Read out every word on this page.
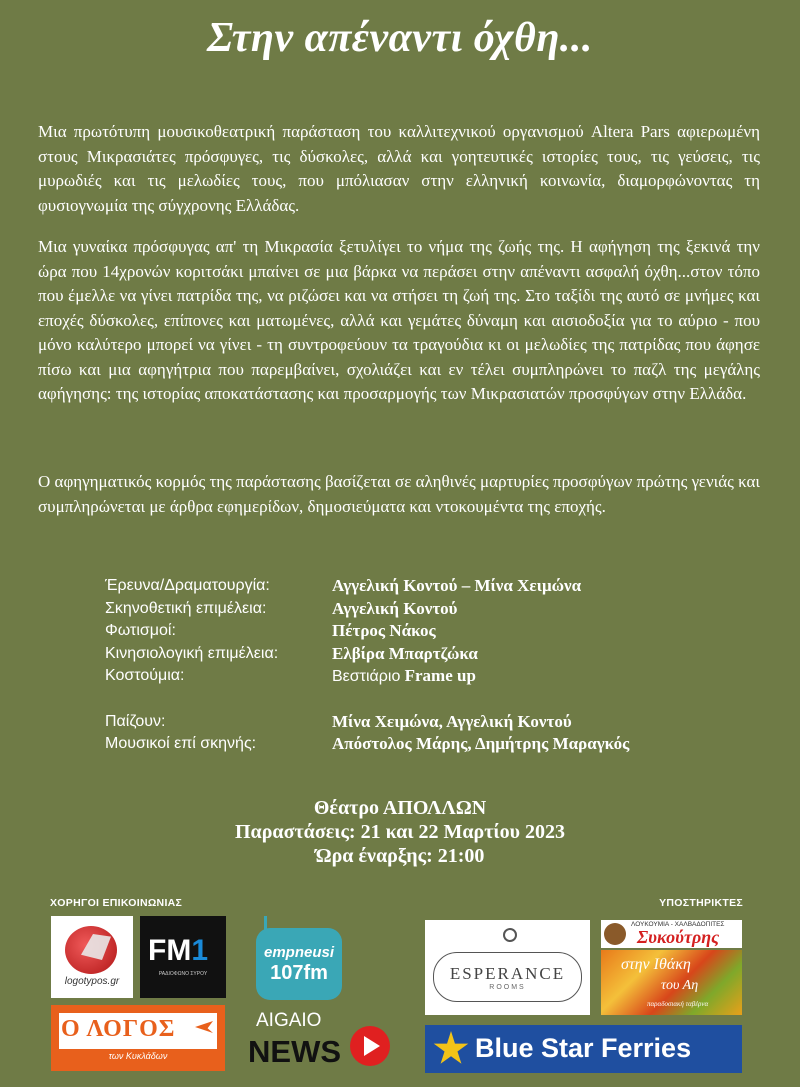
Στην απέναντι όχθη...
Μια πρωτότυπη μουσικοθεατρική παράσταση του καλλιτεχνικού οργανισμού Altera Pars αφιερωμένη στους Μικρασιάτες πρόσφυγες, τις δύσκολες, αλλά και γοητευτικές ιστορίες τους, τις γεύσεις, τις μυρωδιές και τις μελωδίες τους, που μπόλιασαν στην ελληνική κοινωνία, διαμορφώνοντας τη φυσιογνωμία της σύγχρονης Ελλάδας.
Μια γυναίκα πρόσφυγας απ' τη Μικρασία ξετυλίγει το νήμα της ζωής της. Η αφήγηση της ξεκινά την ώρα που 14χρονών κοριτσάκι μπαίνει σε μια βάρκα να περάσει στην απέναντι ασφαλή όχθη...στον τόπο που έμελλε να γίνει πατρίδα της, να ριζώσει και να στήσει τη ζωή της. Στο ταξίδι της αυτό σε μνήμες και εποχές δύσκολες, επίπονες και ματωμένες, αλλά και γεμάτες δύναμη και αισιοδοξία για το αύριο - που μόνο καλύτερο μπορεί να γίνει - τη συντροφεύουν τα τραγούδια κι οι μελωδίες της πατρίδας που άφησε πίσω και μια αφηγήτρια που παρεμβαίνει, σχολιάζει και εν τέλει συμπληρώνει το παζλ της μεγάλης αφήγησης: της ιστορίας αποκατάστασης και προσαρμογής των Μικρασιατών προσφύγων στην Ελλάδα.
Ο αφηγηματικός κορμός της παράστασης βασίζεται σε αληθινές μαρτυρίες προσφύγων πρώτης γενιάς και συμπληρώνεται με άρθρα εφημερίδων, δημοσιεύματα και ντοκουμέντα της εποχής.
Έρευνα/Δραματουργία:	Αγγελική Κοντού – Μίνα Χειμώνα
Σκηνοθετική επιμέλεια:	Αγγελική Κοντού
Φωτισμοί:	Πέτρος Νάκος
Κινησιολογική επιμέλεια:	Ελβίρα Μπαρτζώκα
Κοστούμια:	Βεστιάριο Frame up
Παίζουν:	Μίνα Χειμώνα, Αγγελική Κοντού
Μουσικοί επί σκηνής:	Απόστολος Μάρης, Δημήτρης Μαραγκός
Θέατρο ΑΠΟΛΛΩΝ
Παραστάσεις: 21 και 22 Μαρτίου 2023
Ώρα έναρξης: 21:00
ΧΟΡΗΓΟΙ ΕΠΙΚΟΙΝΩΝΙΑΣ	ΥΠΟΣΤΗΡΙΚΤΕΣ
logotypos.gr
FM1
ΡΑΔΙΟΦΩΝΟ ΣΥΡΟΥ
empneusi
107fm
Ο ΛΟΓΟΣ
των Κυκλάδων
AIGAIO
NEWS
ESPERANCE
ROOMS
ΛΟΥΚΟΥΜΙΑ - ΧΑΛΒΑΔΟΠΙΤΕΣ
Συκούτρης
στην Ιθάκη
του Αη
παραδοσιακή ταβέρνα
Blue Star Ferries
